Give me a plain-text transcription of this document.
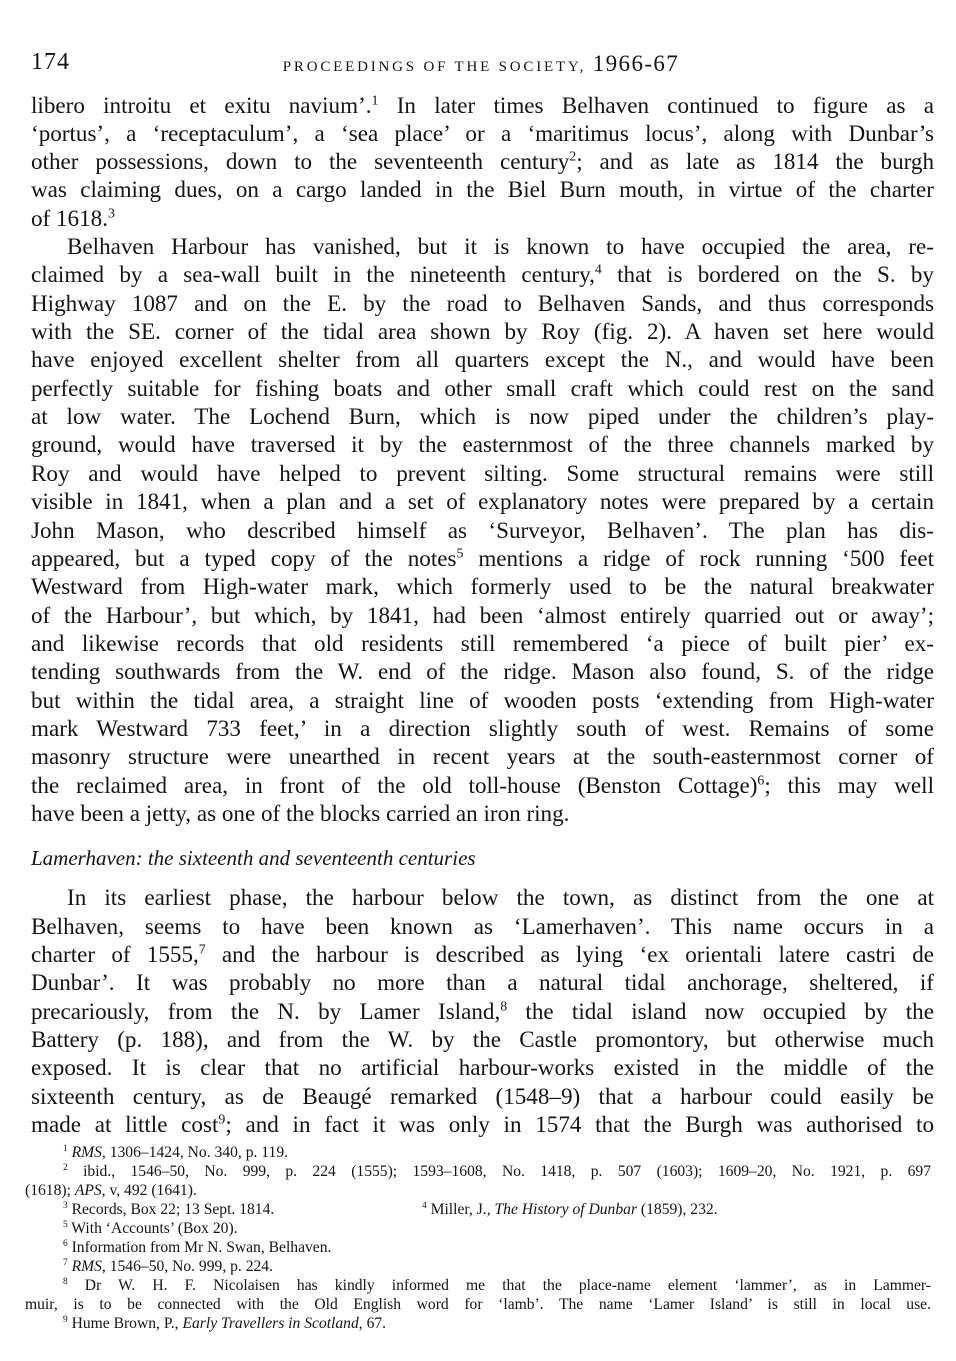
174	PROCEEDINGS OF THE SOCIETY, 1966-67
libero introitu et exitu navium’.$^1$ In later times Belhaven continued to figure as a
‘portus’, a ‘receptaculum’, a ‘sea place’ or a ‘maritimus locus’, along with Dunbar’s
other possessions, down to the seventeenth century$^2$; and as late as 1814 the burgh
was claiming dues, on a cargo landed in the Biel Burn mouth, in virtue of the charter
of 1618.$^3$
Belhaven Harbour has vanished, but it is known to have occupied the area, re-
claimed by a sea-wall built in the nineteenth century,$^4$ that is bordered on the S. by
Highway 1087 and on the E. by the road to Belhaven Sands, and thus corresponds
with the SE. corner of the tidal area shown by Roy (fig. 2). A haven set here would
have enjoyed excellent shelter from all quarters except the N., and would have been
perfectly suitable for fishing boats and other small craft which could rest on the sand
at low water. The Lochend Burn, which is now piped under the children’s play-
ground, would have traversed it by the easternmost of the three channels marked by
Roy and would have helped to prevent silting. Some structural remains were still
visible in 1841, when a plan and a set of explanatory notes were prepared by a certain
John Mason, who described himself as ‘Surveyor, Belhaven’. The plan has dis-
appeared, but a typed copy of the notes$^5$ mentions a ridge of rock running ‘500 feet
Westward from High-water mark, which formerly used to be the natural breakwater
of the Harbour’, but which, by 1841, had been ‘almost entirely quarried out or away’;
and likewise records that old residents still remembered ‘a piece of built pier’ ex-
tending southwards from the W. end of the ridge. Mason also found, S. of the ridge
but within the tidal area, a straight line of wooden posts ‘extending from High-water
mark Westward 733 feet,’ in a direction slightly south of west. Remains of some
masonry structure were unearthed in recent years at the south-easternmost corner of
the reclaimed area, in front of the old toll-house (Benston Cottage)$^6$; this may well
have been a jetty, as one of the blocks carried an iron ring.
Lamerhaven: the sixteenth and seventeenth centuries
In its earliest phase, the harbour below the town, as distinct from the one at
Belhaven, seems to have been known as ‘Lamerhaven’. This name occurs in a
charter of 1555,$^7$ and the harbour is described as lying ‘ex orientali latere castri de
Dunbar’. It was probably no more than a natural tidal anchorage, sheltered, if
precariously, from the N. by Lamer Island,$^8$ the tidal island now occupied by the
Battery (p. 188), and from the W. by the Castle promontory, but otherwise much
exposed. It is clear that no artificial harbour-works existed in the middle of the
sixteenth century, as de Beaugé remarked (1548–9) that a harbour could easily be
made at little cost$^9$; and in fact it was only in 1574 that the Burgh was authorised to
$^1$ RMS, 1306–1424, No. 340, p. 119.
$^2$ ibid., 1546–50, No. 999, p. 224 (1555); 1593–1608, No. 1418, p. 507 (1603); 1609–20, No. 1921, p. 697
(1618); APS, v, 492 (1641).
$^3$ Records, Box 22; 13 Sept. 1814.	$^4$ Miller, J., The History of Dunbar (1859), 232.
$^5$ With ‘Accounts’ (Box 20).
$^6$ Information from Mr N. Swan, Belhaven.
$^7$ RMS, 1546–50, No. 999, p. 224.
$^8$ Dr W. H. F. Nicolaisen has kindly informed me that the place-name element ‘lammer’, as in Lammer-
muir, is to be connected with the Old English word for ‘lamb’. The name ‘Lamer Island’ is still in local use.
$^9$ Hume Brown, P., Early Travellers in Scotland, 67.
